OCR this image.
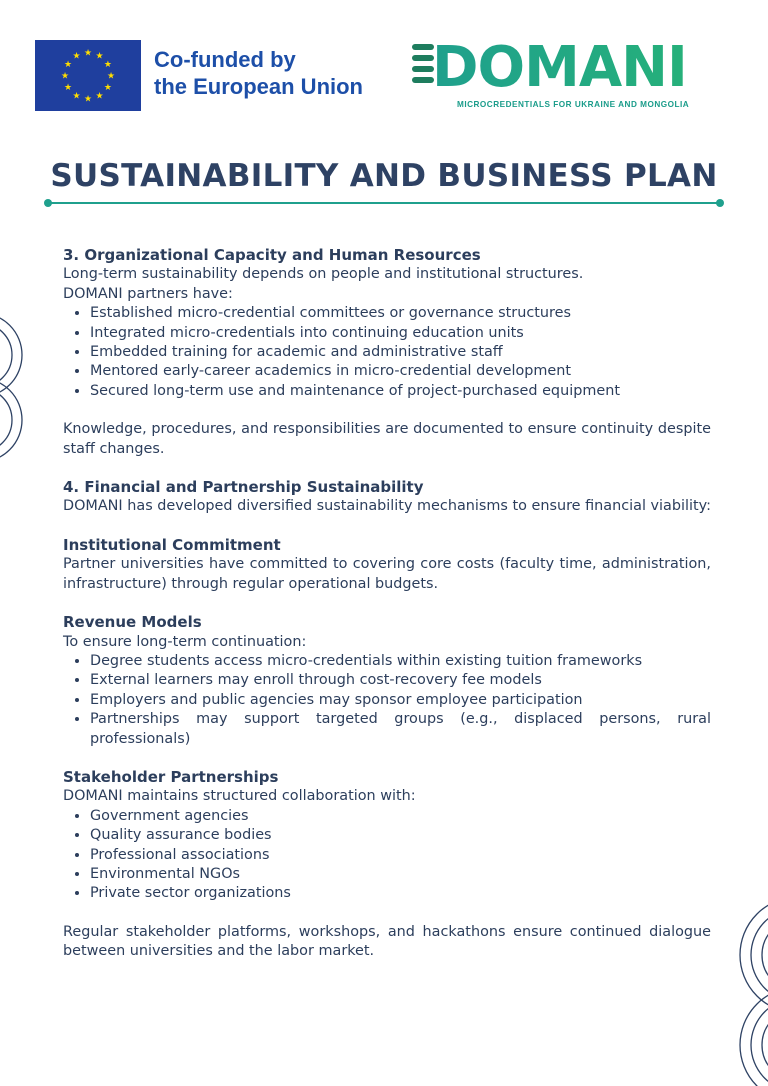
★ ★
★
★
★
★
★
★
★
★
★
★	Co-funded by
the European Union DOMANI
MICROCREDENTIALS FOR UKRAINE AND MONGOLIA
SUSTAINABILITY AND BUSINESS PLAN

3. Organizational Capacity and Human Resources

Long-term sustainability depends on people and institutional structures.

DOMANI partners have:

• Established micro-credential committees or governance structures
• Integrated micro-credentials into continuing education units
• Embedded training for academic and administrative staff
• Mentored early-career academics in micro-credential development
• Secured long-term use and maintenance of project-purchased equipment

Knowledge, procedures, and responsibilities are documented to ensure continuity despite staff changes.

4. Financial and Partnership Sustainability

DOMANI has developed diversified sustainability mechanisms to ensure financial viability:

Institutional Commitment

Partner universities have committed to covering core costs (faculty time, administration, infrastructure) through regular operational budgets.

Revenue Models

To ensure long-term continuation:

• Degree students access micro-credentials within existing tuition frameworks
• External learners may enroll through cost-recovery fee models
• Employers and public agencies may sponsor employee participation
• Partnerships may support targeted groups (e.g., displaced persons, rural professionals)

Stakeholder Partnerships

DOMANI maintains structured collaboration with:

• Government agencies
• Quality assurance bodies
• Professional associations
• Environmental NGOs
• Private sector organizations

Regular stakeholder platforms, workshops, and hackathons ensure continued dialogue between universities and the labor market.
